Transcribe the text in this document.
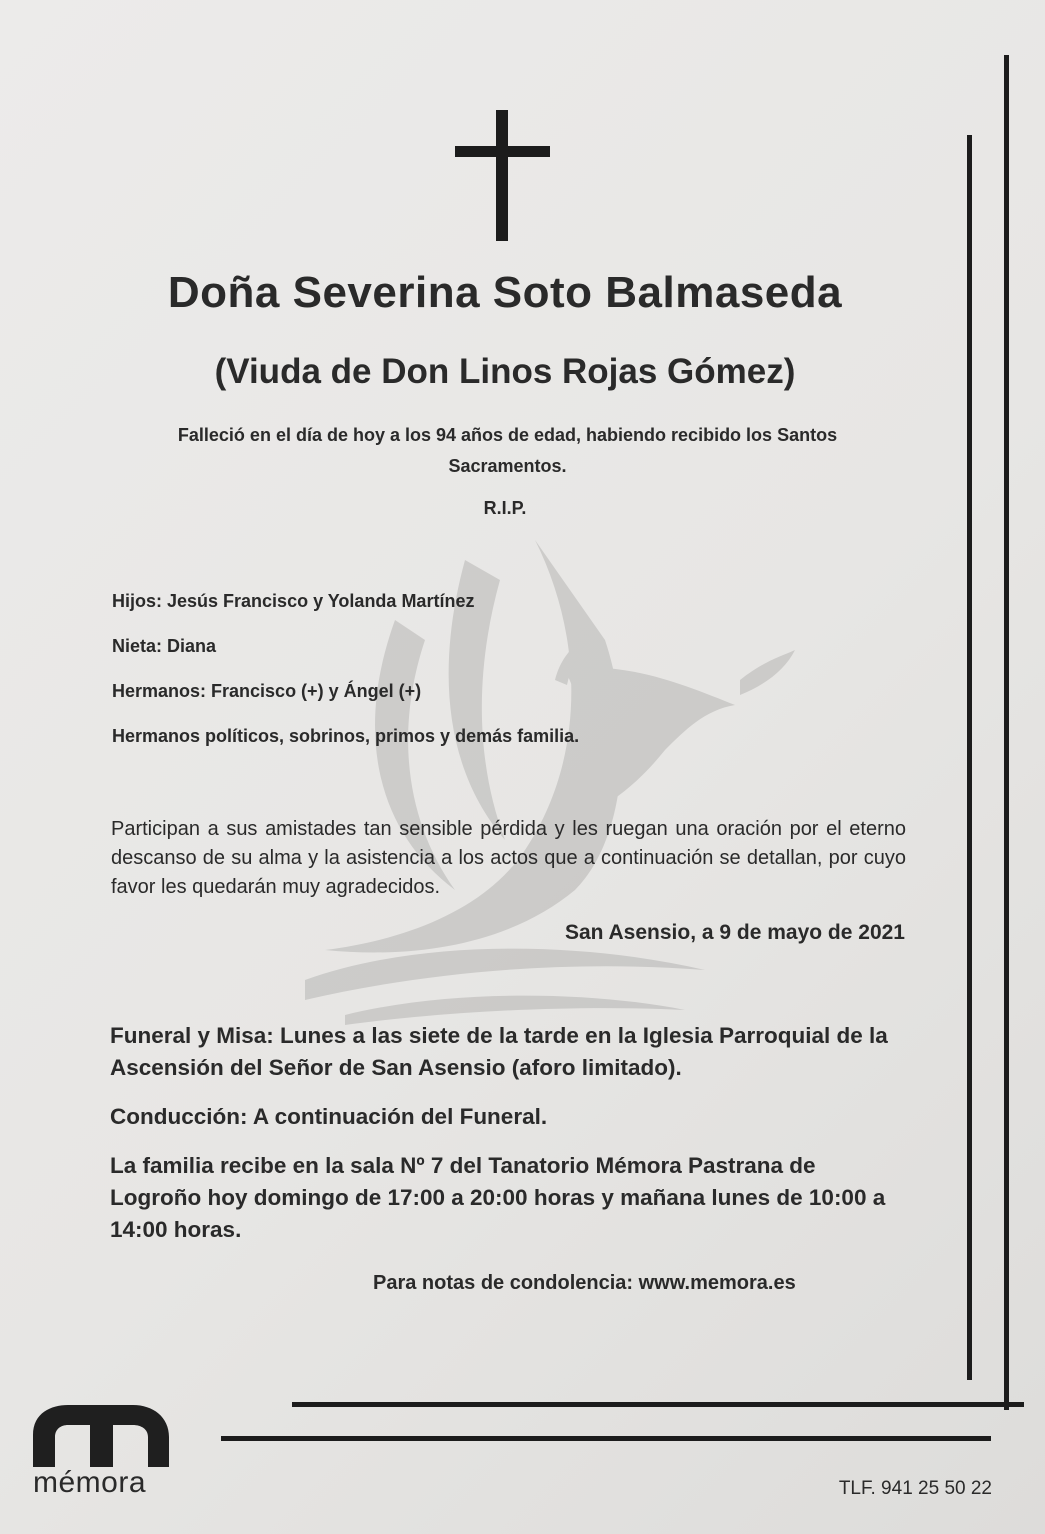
Doña Severina Soto Balmaseda
(Viuda de Don Linos Rojas Gómez)

Falleció en el día de hoy a los 94 años de edad, habiendo recibido los Santos Sacramentos.

R.I.P.

Hijos: Jesús Francisco y Yolanda Martínez
Nieta: Diana
Hermanos: Francisco (+) y Ángel (+)
Hermanos políticos, sobrinos, primos y demás familia.

Participan a sus amistades tan sensible pérdida y les ruegan una oración por el eterno descanso de su alma y la asistencia a los actos que a continuación se detallan, por cuyo favor les quedarán muy agradecidos.

San Asensio, a 9 de mayo de 2021

Funeral y Misa: Lunes a las siete de la tarde en la Iglesia Parroquial de la Ascensión del Señor de San Asensio (aforo limitado).

Conducción: A continuación del Funeral.

La familia recibe en la sala Nº 7 del Tanatorio Mémora Pastrana de Logroño hoy domingo de 17:00 a 20:00 horas y mañana lunes de 10:00 a 14:00 horas.

Para notas de condolencia: www.memora.es

mémora	TLF. 941 25 50 22
